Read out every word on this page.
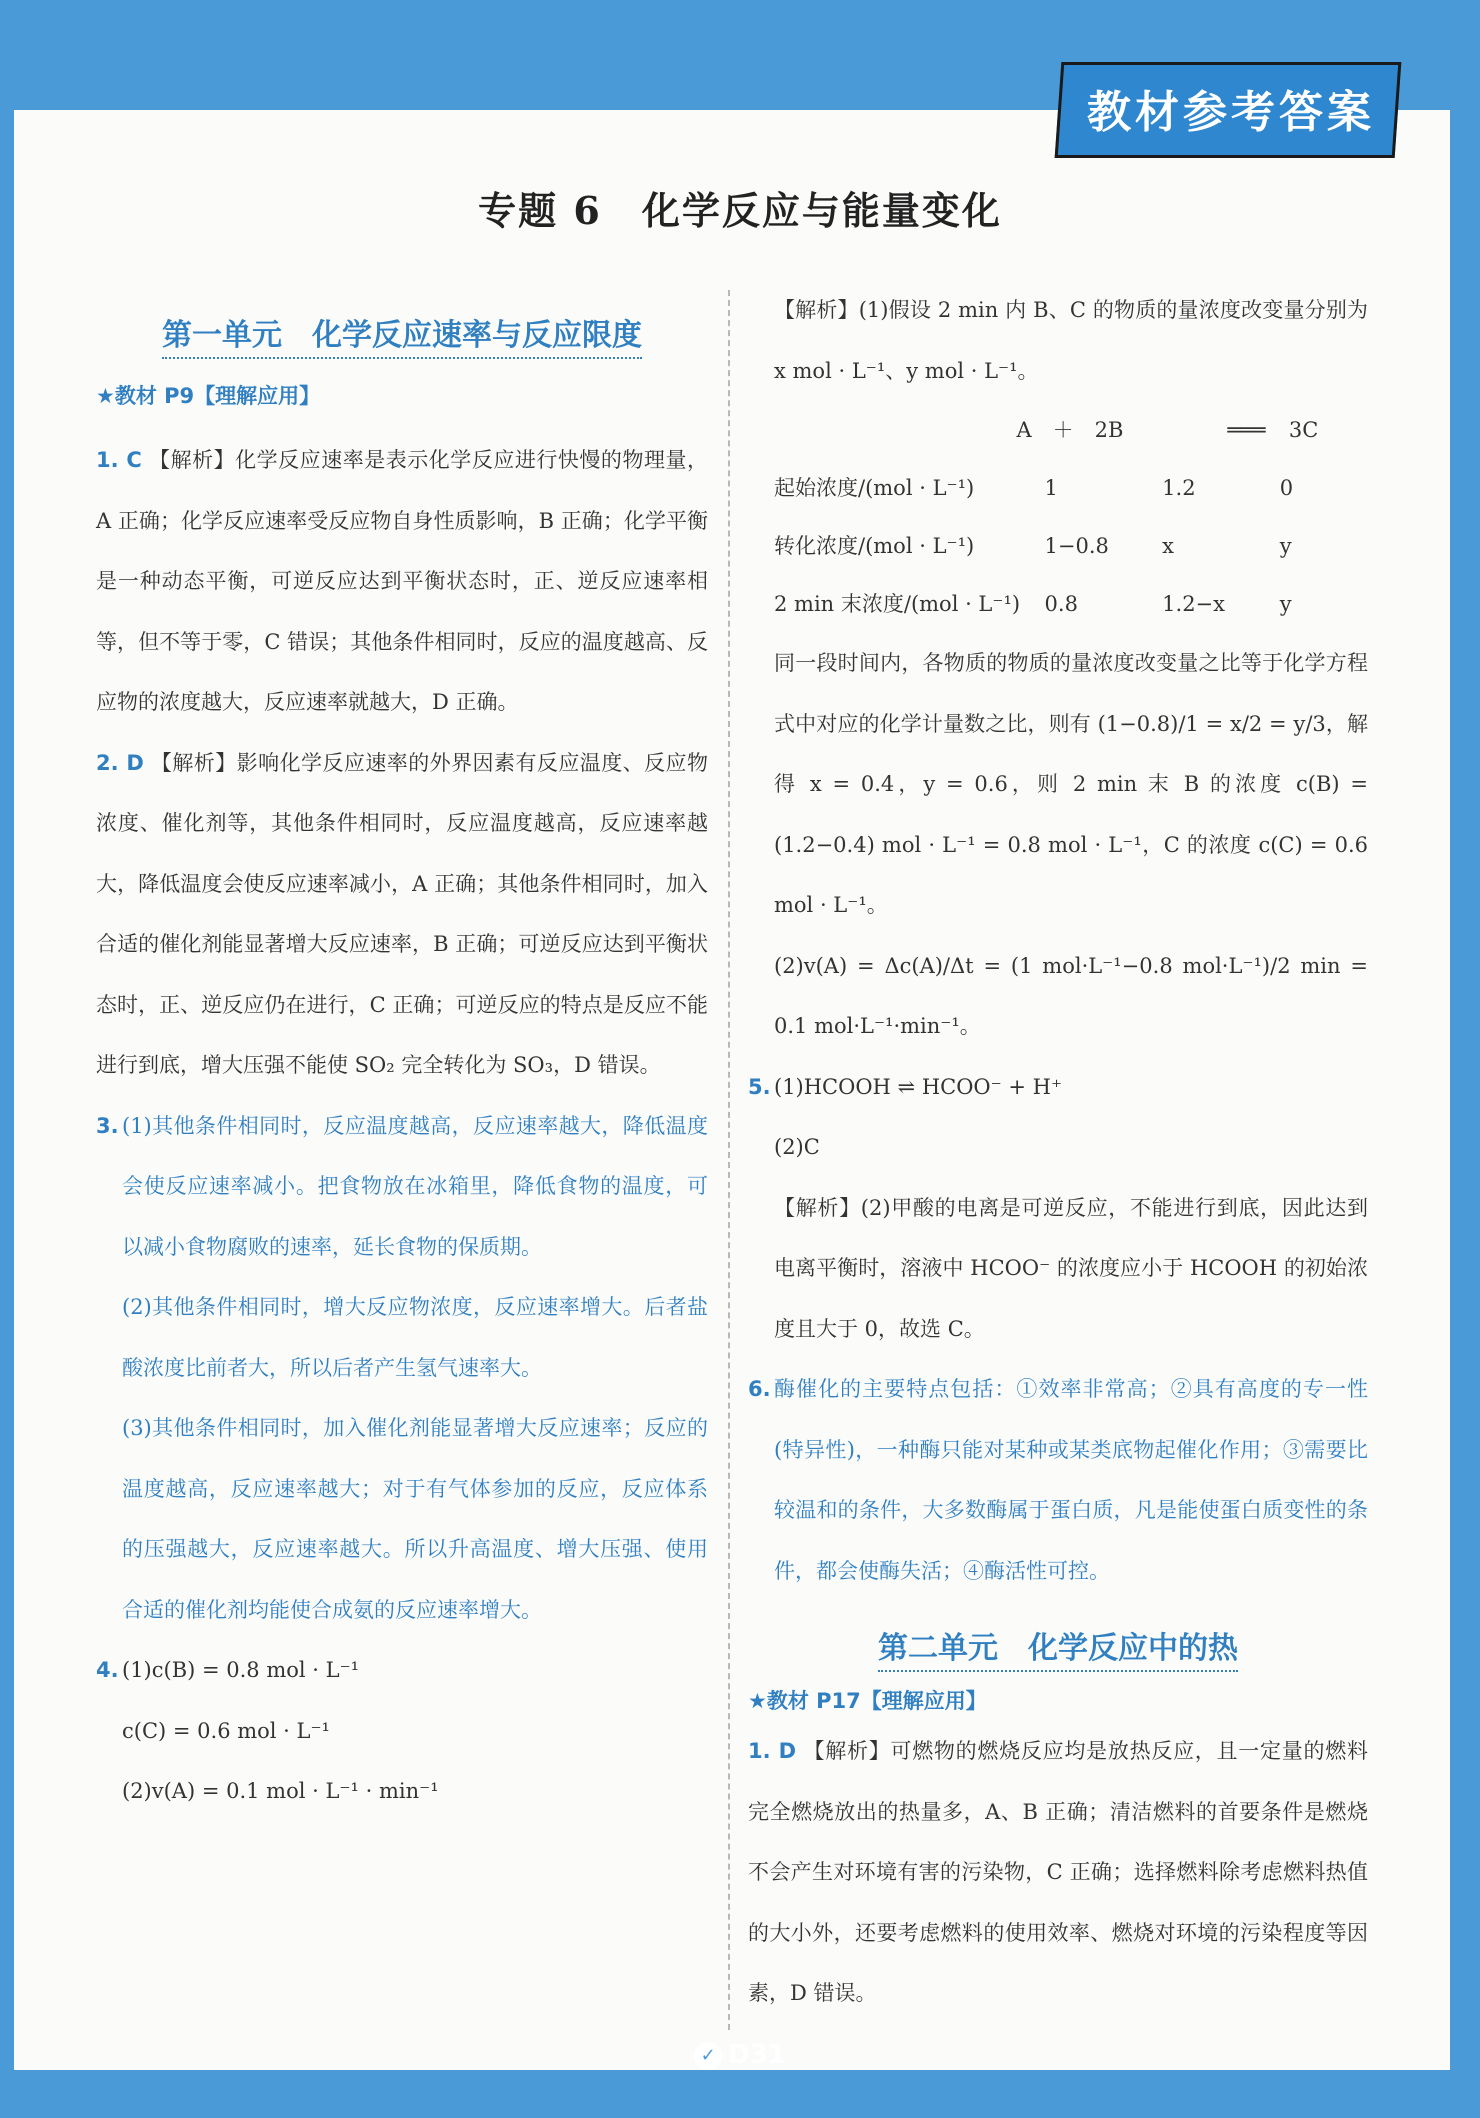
教材参考答案
专题 6　化学反应与能量变化
第一单元　化学反应速率与反应限度
★教材 P9【理解应用】

1. C 【解析】化学反应速率是表示化学反应进行快慢的物理量，A 正确；化学反应速率受反应物自身性质影响，B 正确；化学平衡是一种动态平衡，可逆反应达到平衡状态时，正、逆反应速率相等，但不等于零，C 错误；其他条件相同时，反应的温度越高、反应物的浓度越大，反应速率就越大，D 正确。

2. D 【解析】影响化学反应速率的外界因素有反应温度、反应物浓度、催化剂等，其他条件相同时，反应温度越高，反应速率越大，降低温度会使反应速率减小，A 正确；其他条件相同时，加入合适的催化剂能显著增大反应速率，B 正确；可逆反应达到平衡状态时，正、逆反应仍在进行，C 正确；可逆反应的特点是反应不能进行到底，增大压强不能使 SO₂ 完全转化为 SO₃，D 错误。

3. (1)其他条件相同时，反应温度越高，反应速率越大，降低温度会使反应速率减小。把食物放在冰箱里，降低食物的温度，可以减小食物腐败的速率，延长食物的保质期。

(2)其他条件相同时，增大反应物浓度，反应速率增大。后者盐酸浓度比前者大，所以后者产生氢气速率大。

(3)其他条件相同时，加入催化剂能显著增大反应速率；反应的温度越高，反应速率越大；对于有气体参加的反应，反应体系的压强越大，反应速率越大。所以升高温度、增大压强、使用合适的催化剂均能使合成氨的反应速率增大。

4. (1)c(B) = 0.8 mol · L⁻¹

c(C) = 0.6 mol · L⁻¹

(2)v(A) = 0.1 mol · L⁻¹ · min⁻¹

【解析】(1)假设 2 min 内 B、C 的物质的量浓度改变量分别为 x mol · L⁻¹、y mol · L⁻¹。

A　＋　2B	═══	3C
起始浓度/(mol · L⁻¹)	1	1.2	0
转化浓度/(mol · L⁻¹)	1−0.8	x	y
2 min 末浓度/(mol · L⁻¹)	0.8	1.2−x	y

同一段时间内，各物质的物质的量浓度改变量之比等于化学方程式中对应的化学计量数之比，则有 (1−0.8)/1 = x/2 = y/3，解得 x = 0.4，y = 0.6，则 2 min 末 B 的浓度 c(B) = (1.2−0.4) mol · L⁻¹ = 0.8 mol · L⁻¹，C 的浓度 c(C) = 0.6 mol · L⁻¹。

(2)v(A) = Δc(A)/Δt = (1 mol·L⁻¹−0.8 mol·L⁻¹)/2 min = 0.1 mol·L⁻¹·min⁻¹。

5. (1)HCOOH ⇌ HCOO⁻ + H⁺

(2)C

【解析】(2)甲酸的电离是可逆反应，不能进行到底，因此达到电离平衡时，溶液中 HCOO⁻ 的浓度应小于 HCOOH 的初始浓度且大于 0，故选 C。

6. 酶催化的主要特点包括：①效率非常高；②具有高度的专一性(特异性)，一种酶只能对某种或某类底物起催化作用；③需要比较温和的条件，大多数酶属于蛋白质，凡是能使蛋白质变性的条件，都会使酶失活；④酶活性可控。

第二单元　化学反应中的热
★教材 P17【理解应用】

1. D 【解析】可燃物的燃烧反应均是放热反应，且一定量的燃料完全燃烧放出的热量多，A、B 正确；清洁燃料的首要条件是燃烧不会产生对环境有害的污染物，C 正确；选择燃料除考虑燃料热值的大小外，还要考虑燃料的使用效率、燃烧对环境的污染程度等因素，D 错误。

✓ D31
